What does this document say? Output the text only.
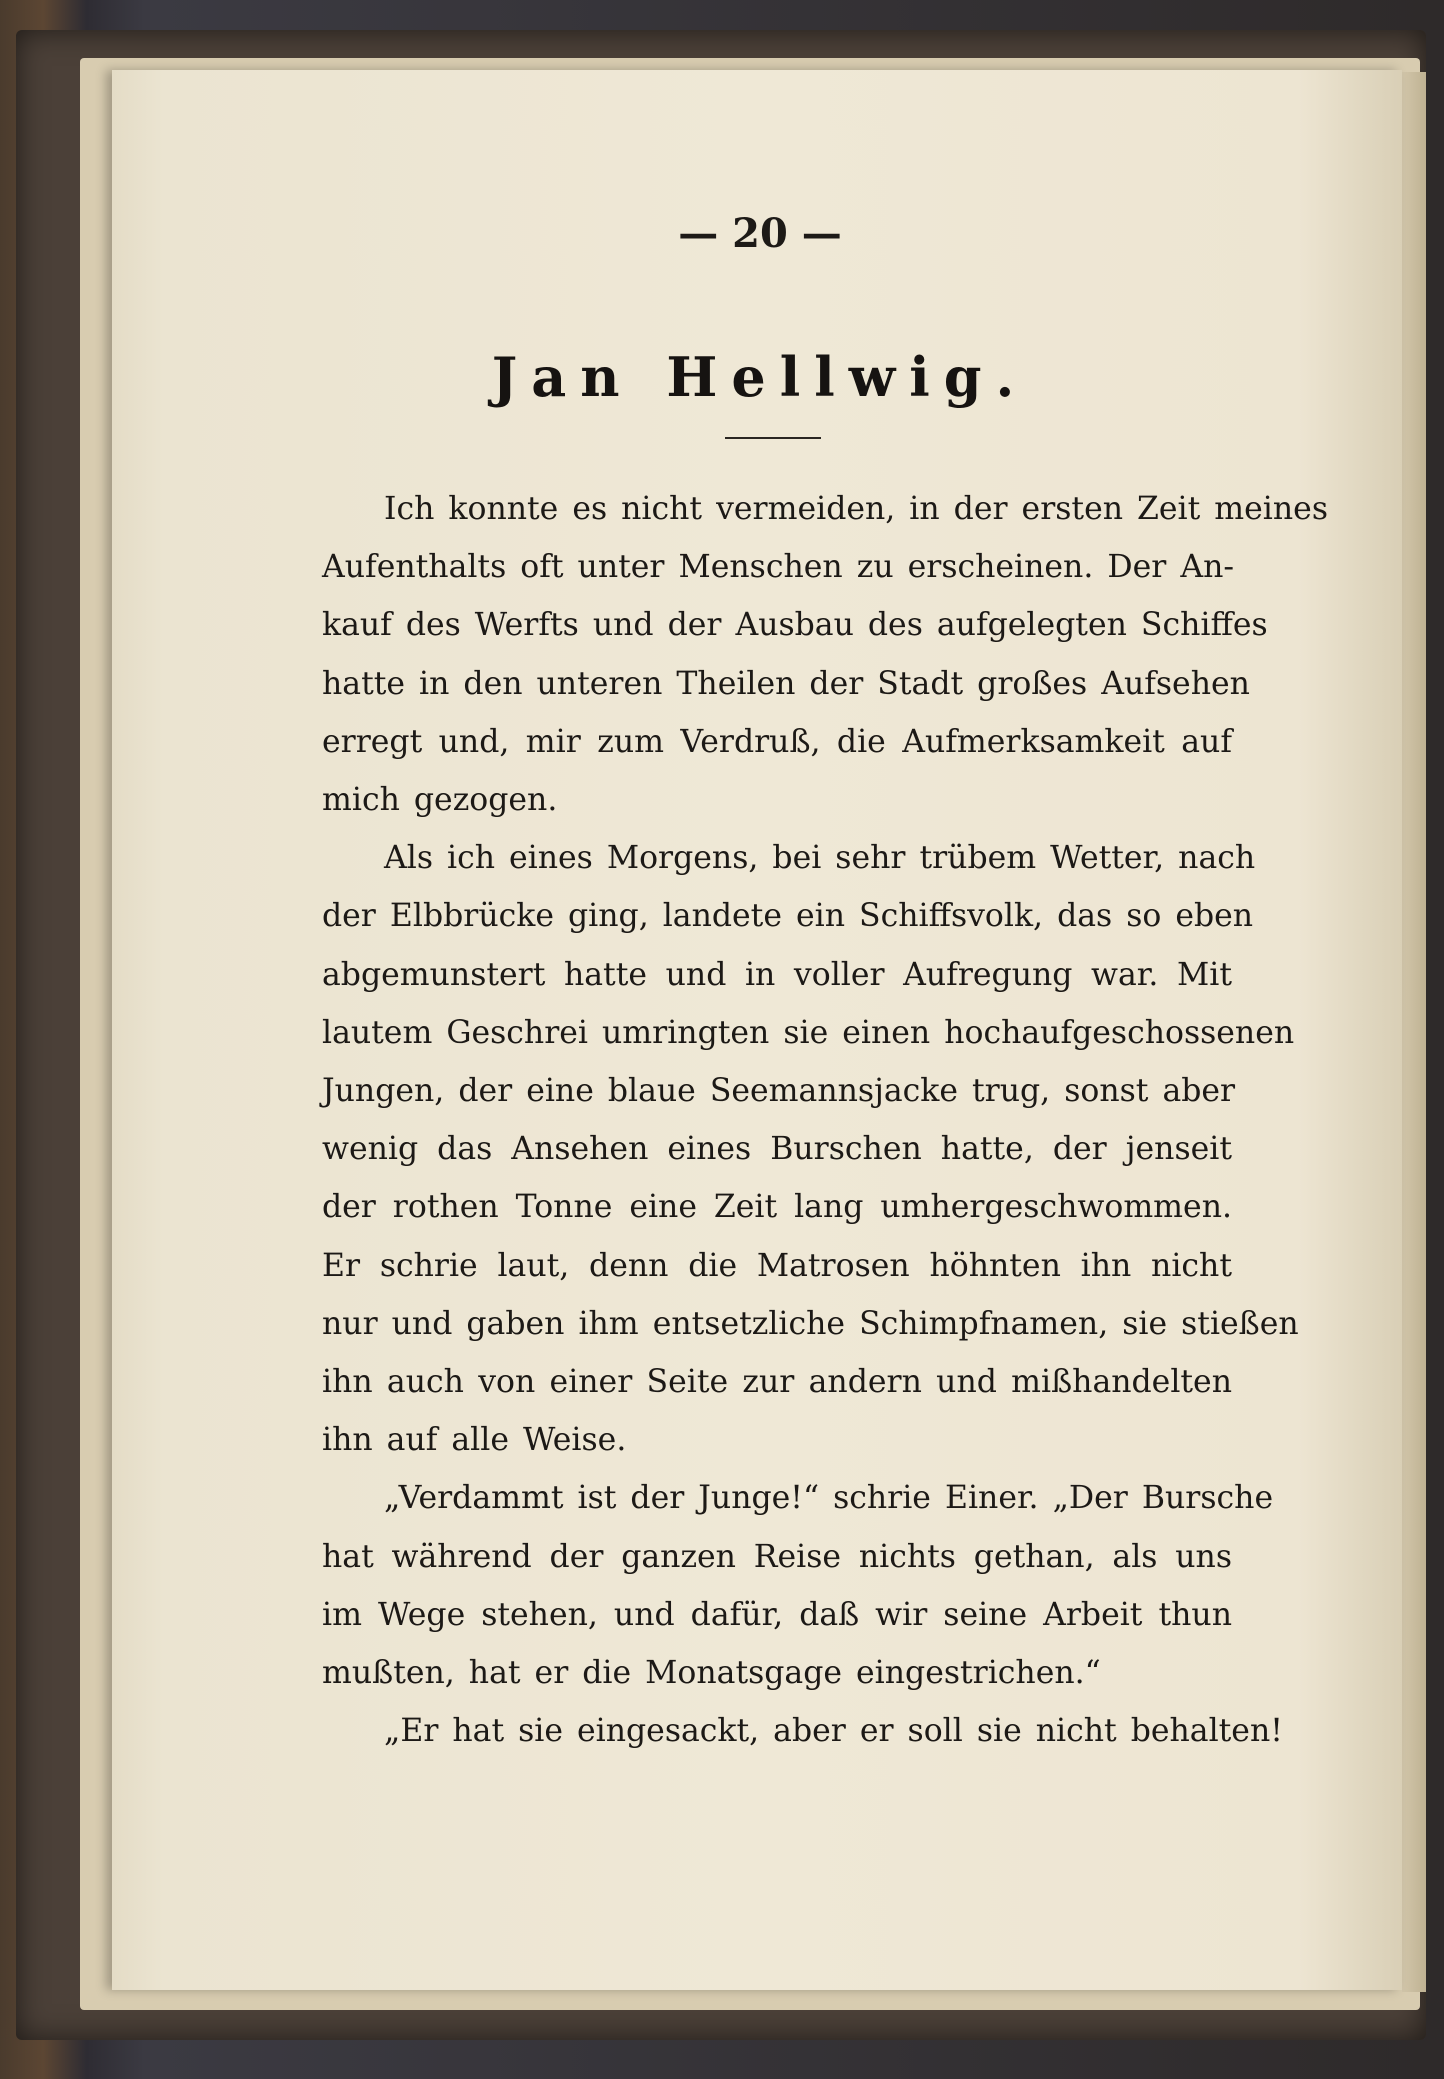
— 20 —
Jan Hellwig.
Ich konnte es nicht vermeiden, in der ersten Zeit meines
Aufenthalts oft unter Menschen zu erscheinen. Der An-
kauf des Werfts und der Ausbau des aufgelegten Schiffes
hatte in den unteren Theilen der Stadt großes Aufsehen
erregt und, mir zum Verdruß, die Aufmerksamkeit auf
mich gezogen.
Als ich eines Morgens, bei sehr trübem Wetter, nach
der Elbbrücke ging, landete ein Schiffsvolk, das so eben
abgemunstert hatte und in voller Aufregung war. Mit
lautem Geschrei umringten sie einen hochaufgeschossenen
Jungen, der eine blaue Seemannsjacke trug, sonst aber
wenig das Ansehen eines Burschen hatte, der jenseit
der rothen Tonne eine Zeit lang umhergeschwommen.
Er schrie laut, denn die Matrosen höhnten ihn nicht
nur und gaben ihm entsetzliche Schimpfnamen, sie stießen
ihn auch von einer Seite zur andern und mißhandelten
ihn auf alle Weise.
„Verdammt ist der Junge!“ schrie Einer. „Der Bursche
hat während der ganzen Reise nichts gethan, als uns
im Wege stehen, und dafür, daß wir seine Arbeit thun
mußten, hat er die Monatsgage eingestrichen.“
„Er hat sie eingesackt, aber er soll sie nicht behalten!
